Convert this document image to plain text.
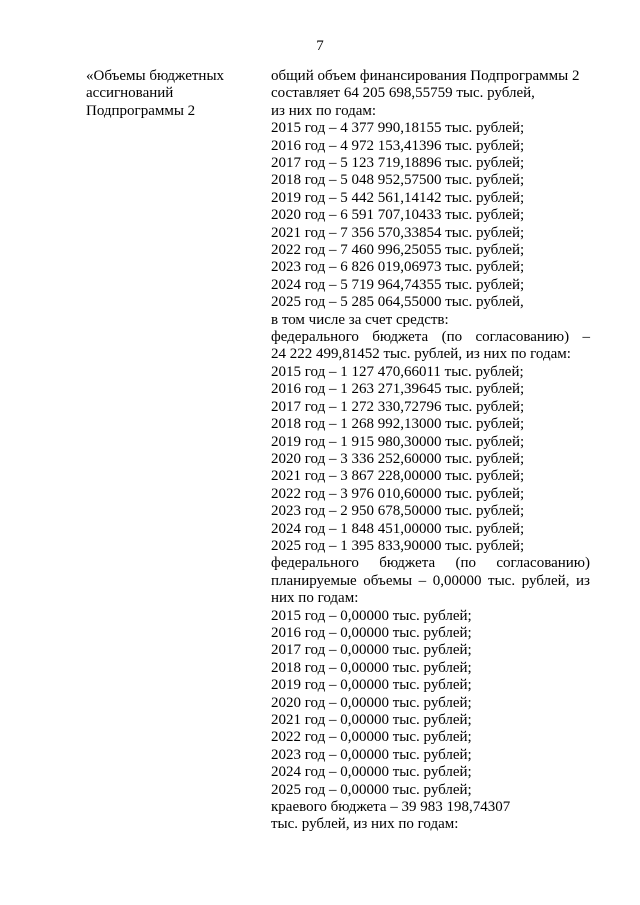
7
«Объемы бюджетных
ассигнований
Подпрограммы 2
общий объем финансирования Подпрограммы 2
составляет 64 205 698,55759 тыс. рублей,
из них по годам:
2015 год – 4 377 990,18155 тыс. рублей;
2016 год – 4 972 153,41396 тыс. рублей;
2017 год – 5 123 719,18896 тыс. рублей;
2018 год – 5 048 952,57500 тыс. рублей;
2019 год – 5 442 561,14142 тыс. рублей;
2020 год – 6 591 707,10433 тыс. рублей;
2021 год – 7 356 570,33854 тыс. рублей;
2022 год – 7 460 996,25055 тыс. рублей;
2023 год – 6 826 019,06973 тыс. рублей;
2024 год – 5 719 964,74355 тыс. рублей;
2025 год – 5 285 064,55000 тыс. рублей,
в том числе за счет средств:
федерального бюджета (по согласованию) –
24 222 499,81452 тыс. рублей, из них по годам:
2015 год – 1 127 470,66011 тыс. рублей;
2016 год – 1 263 271,39645 тыс. рублей;
2017 год – 1 272 330,72796 тыс. рублей;
2018 год – 1 268 992,13000 тыс. рублей;
2019 год – 1 915 980,30000 тыс. рублей;
2020 год – 3 336 252,60000 тыс. рублей;
2021 год – 3 867 228,00000 тыс. рублей;
2022 год – 3 976 010,60000 тыс. рублей;
2023 год – 2 950 678,50000 тыс. рублей;
2024 год – 1 848 451,00000 тыс. рублей;
2025 год – 1 395 833,90000 тыс. рублей;
федерального бюджета (по согласованию)
планируемые объемы – 0,00000 тыс. рублей, из
них по годам:
2015 год – 0,00000 тыс. рублей;
2016 год – 0,00000 тыс. рублей;
2017 год – 0,00000 тыс. рублей;
2018 год – 0,00000 тыс. рублей;
2019 год – 0,00000 тыс. рублей;
2020 год – 0,00000 тыс. рублей;
2021 год – 0,00000 тыс. рублей;
2022 год – 0,00000 тыс. рублей;
2023 год – 0,00000 тыс. рублей;
2024 год – 0,00000 тыс. рублей;
2025 год – 0,00000 тыс. рублей;
краевого бюджета – 39 983 198,74307
тыс. рублей, из них по годам:
